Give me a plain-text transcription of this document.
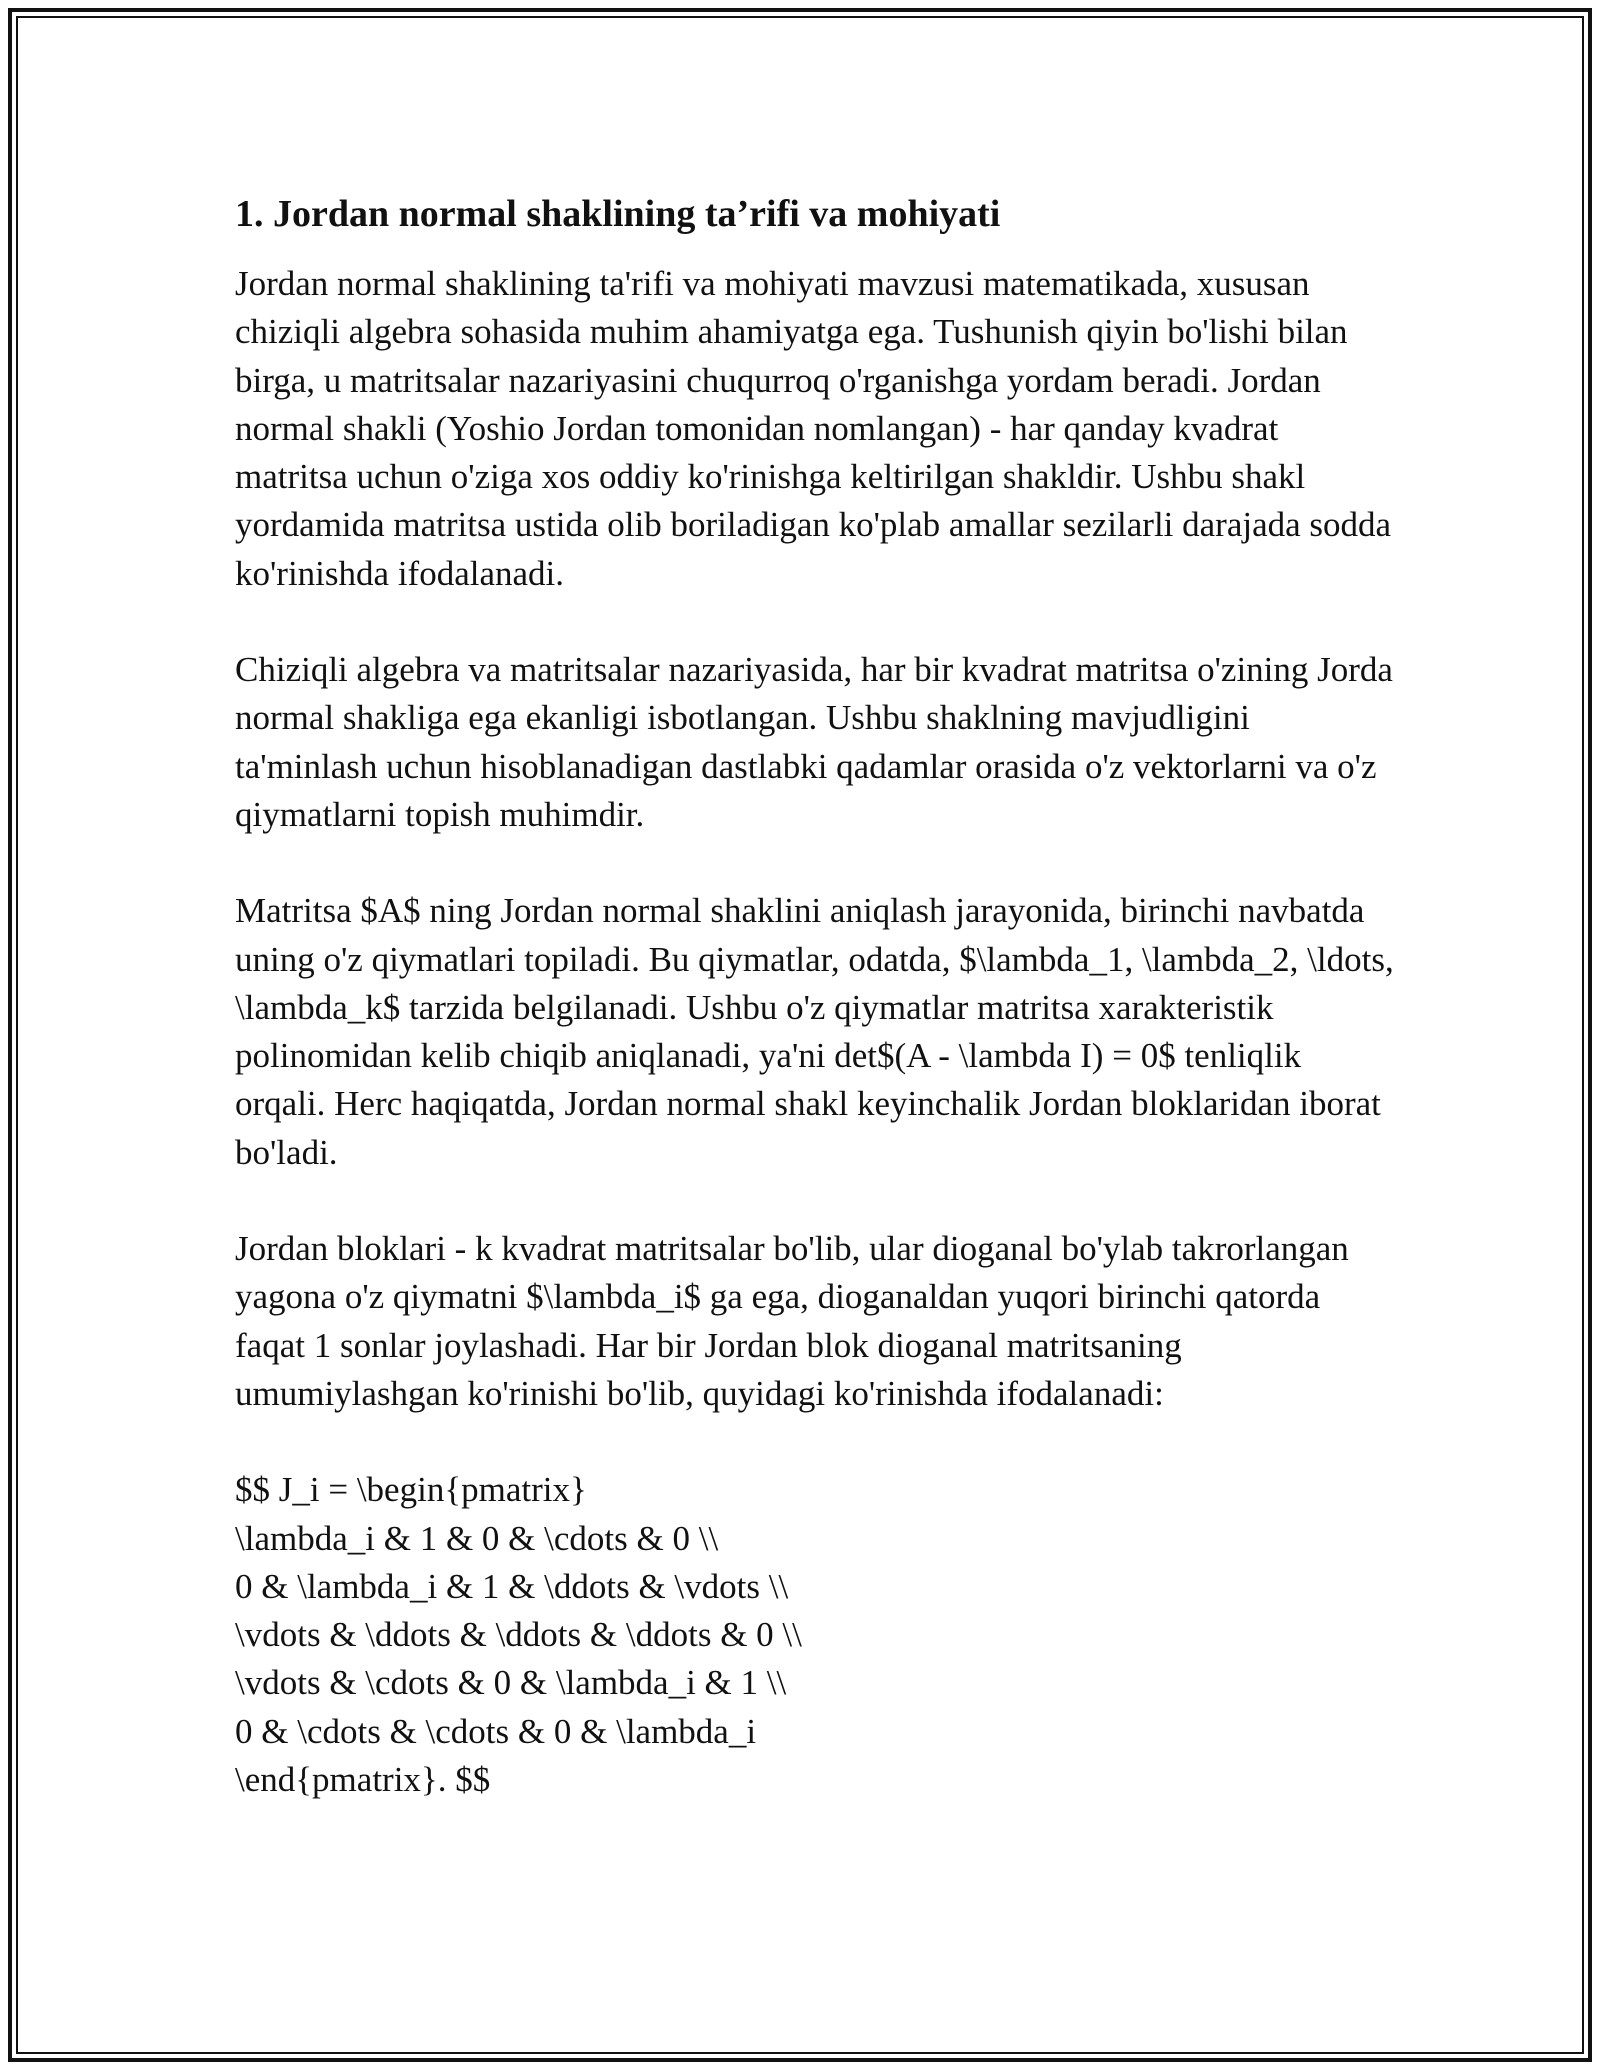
1. Jordan normal shaklining ta’rifi va mohiyati

Jordan normal shaklining ta'rifi va mohiyati mavzusi matematikada, xususan chiziqli algebra sohasida muhim ahamiyatga ega. Tushunish qiyin bo'lishi bilan birga, u matritsalar nazariyasini chuqurroq o'rganishga yordam beradi. Jordan normal shakli (Yoshio Jordan tomonidan nomlangan) - har qanday kvadrat matritsa uchun o'ziga xos oddiy ko'rinishga keltirilgan shakldir. Ushbu shakl yordamida matritsa ustida olib boriladigan ko'plab amallar sezilarli darajada sodda ko'rinishda ifodalanadi.

Chiziqli algebra va matritsalar nazariyasida, har bir kvadrat matritsa o'zining Jorda normal shakliga ega ekanligi isbotlangan. Ushbu shaklning mavjudligini ta'minlash uchun hisoblanadigan dastlabki qadamlar orasida o'z vektorlarni va o'z qiymatlarni topish muhimdir.

Matritsa $A$ ning Jordan normal shaklini aniqlash jarayonida, birinchi navbatda uning o'z qiymatlari topiladi. Bu qiymatlar, odatda, $\lambda_1, \lambda_2, \ldots, \lambda_k$ tarzida belgilanadi. Ushbu o'z qiymatlar matritsa xarakteristik polinomidan kelib chiqib aniqlanadi, ya'ni det$(A - \lambda I) = 0$ tenliqlik orqali. Herc haqiqatda, Jordan normal shakl keyinchalik Jordan bloklaridan iborat bo'ladi.

Jordan bloklari - k kvadrat matritsalar bo'lib, ular dioganal bo'ylab takrorlangan yagona o'z qiymatni $\lambda_i$ ga ega, dioganaldan yuqori birinchi qatorda faqat 1 sonlar joylashadi. Har bir Jordan blok dioganal matritsaning umumiylashgan ko'rinishi bo'lib, quyidagi ko'rinishda ifodalanadi:

$$ J_i = \begin{pmatrix}
\lambda_i & 1 & 0 & \cdots & 0 \\
0 & \lambda_i & 1 & \ddots & \vdots \\
\vdots & \ddots & \ddots & \ddots & 0 \\
\vdots & \cdots & 0 & \lambda_i & 1 \\
0 & \cdots & \cdots & 0 & \lambda_i
\end{pmatrix}. $$
